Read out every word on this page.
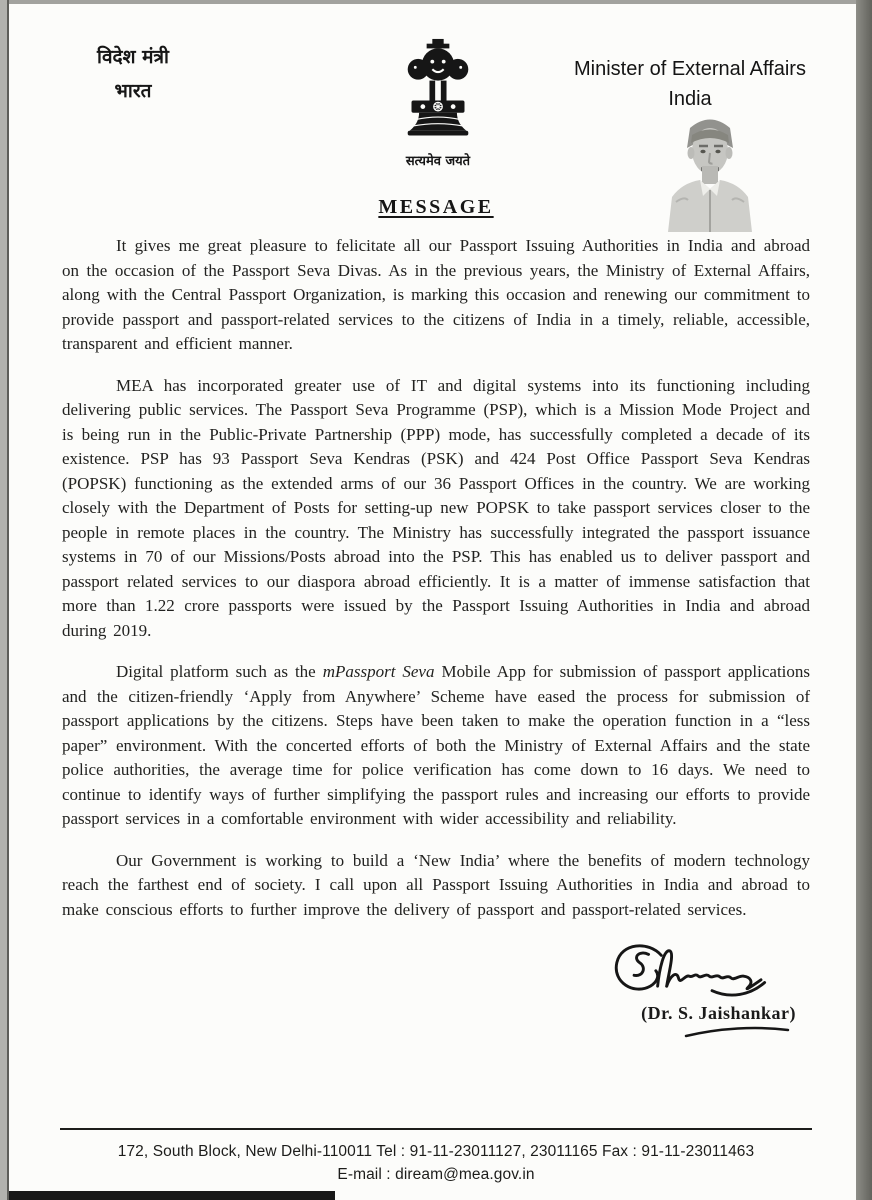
विदेश मंत्री
भारत
सत्यमेव जयते
Minister of External Affairs
India
MESSAGE

It gives me great pleasure to felicitate all our Passport Issuing Authorities in India and abroad on the occasion of the Passport Seva Divas. As in the previous years, the Ministry of External Affairs, along with the Central Passport Organization, is marking this occasion and renewing our commitment to provide passport and passport-related services to the citizens of India in a timely, reliable, accessible, transparent and efficient manner.

MEA has incorporated greater use of IT and digital systems into its functioning including delivering public services. The Passport Seva Programme (PSP), which is a Mission Mode Project and is being run in the Public-Private Partnership (PPP) mode, has successfully completed a decade of its existence. PSP has 93 Passport Seva Kendras (PSK) and 424 Post Office Passport Seva Kendras (POPSK) functioning as the extended arms of our 36 Passport Offices in the country. We are working closely with the Department of Posts for setting-up new POPSK to take passport services closer to the people in remote places in the country. The Ministry has successfully integrated the passport issuance systems in 70 of our Missions/Posts abroad into the PSP. This has enabled us to deliver passport and passport related services to our diaspora abroad efficiently. It is a matter of immense satisfaction that more than 1.22 crore passports were issued by the Passport Issuing Authorities in India and abroad during 2019.

Digital platform such as the mPassport Seva Mobile App for submission of passport applications and the citizen-friendly ‘Apply from Anywhere’ Scheme have eased the process for submission of passport applications by the citizens. Steps have been taken to make the operation function in a “less paper” environment. With the concerted efforts of both the Ministry of External Affairs and the state police authorities, the average time for police verification has come down to 16 days. We need to continue to identify ways of further simplifying the passport rules and increasing our efforts to provide passport services in a comfortable environment with wider accessibility and reliability.

Our Government is working to build a ‘New India’ where the benefits of modern technology reach the farthest end of society. I call upon all Passport Issuing Authorities in India and abroad to make conscious efforts to further improve the delivery of passport and passport-related services.

(Dr. S. Jaishankar)
172, South Block, New Delhi-110011 Tel : 91-11-23011127, 23011165 Fax : 91-11-23011463
E-mail : diream@mea.gov.in
